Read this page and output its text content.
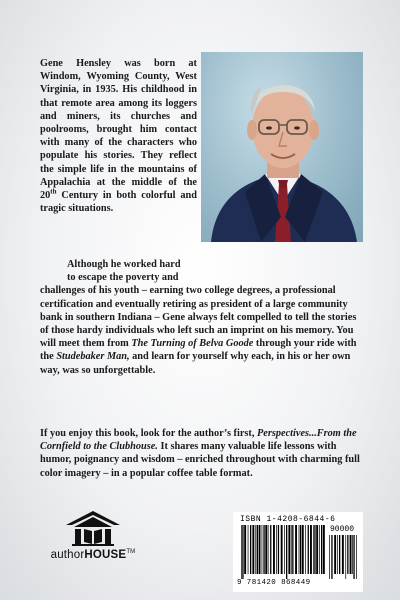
Gene Hensley was born at Windom, Wyoming County, West Virginia, in 1935. His childhood in that remote area among its loggers and miners, its churches and poolrooms, brought him contact with many of the characters who populate his stories. They reflect the simple life in the mountains of Appalachia at the middle of the 20th Century in both colorful and tragic situations.

Although he worked hard
to escape the poverty and
challenges of his youth – earning two college degrees, a professional certification and eventually retiring as president of a large community bank in southern Indiana – Gene always felt compelled to tell the stories of those hardy individuals who left such an imprint on his memory. You will meet them from The Turning of Belva Goode through your ride with the Studebaker Man, and learn for yourself why each, in his or her own way, was so unforgettable.

If you enjoy this book, look for the author’s first, Perspectives...From the Cornfield to the Clubhouse. It shares many valuable life lessons with humor, poignancy and wisdom – enriched throughout with charming full color imagery – in a popular coffee table format.

authorHOUSE™
ISBN 1-4208-6844-6
90000
9 781420 868449
